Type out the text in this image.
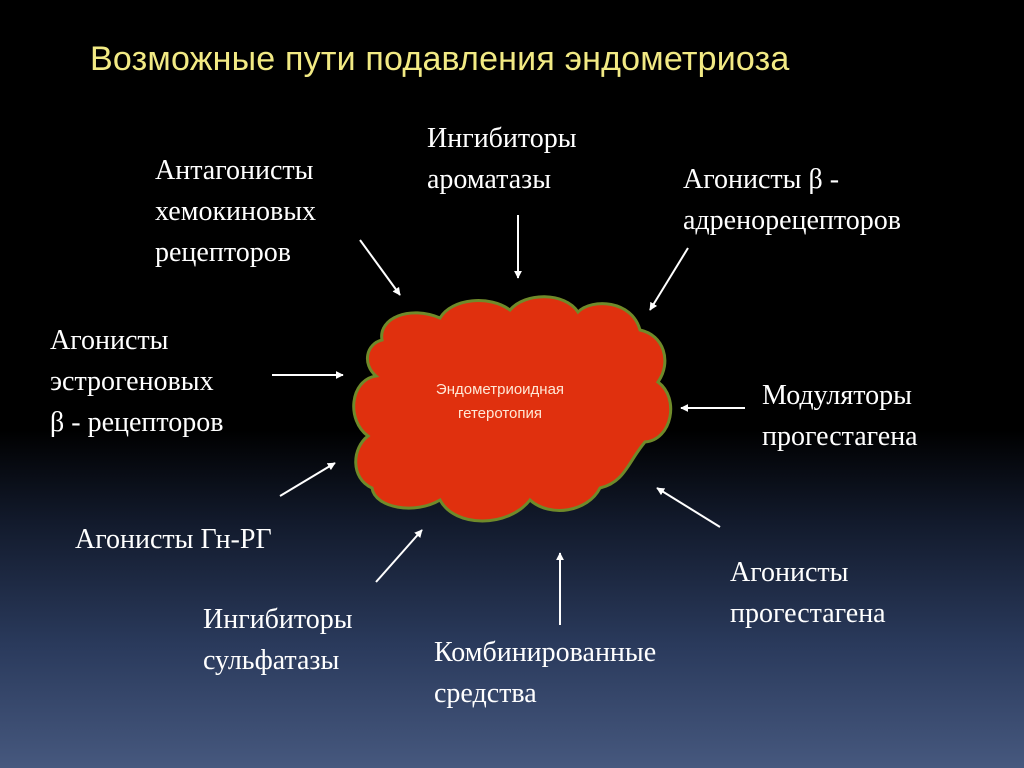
Возможные пути подавления эндометриоза
Эндометриоидная
гетеротопия
Антагонисты
хемокиновых
рецепторов
Ингибиторы
ароматазы	Агонисты β -
адренорецепторов
Агонисты
эстрогеновых
β - рецепторов
Модуляторы
прогестагена
Агонисты Гн-РГ
Ингибиторы
сульфатазы	Комбинированные
средства
Агонисты
прогестагена
